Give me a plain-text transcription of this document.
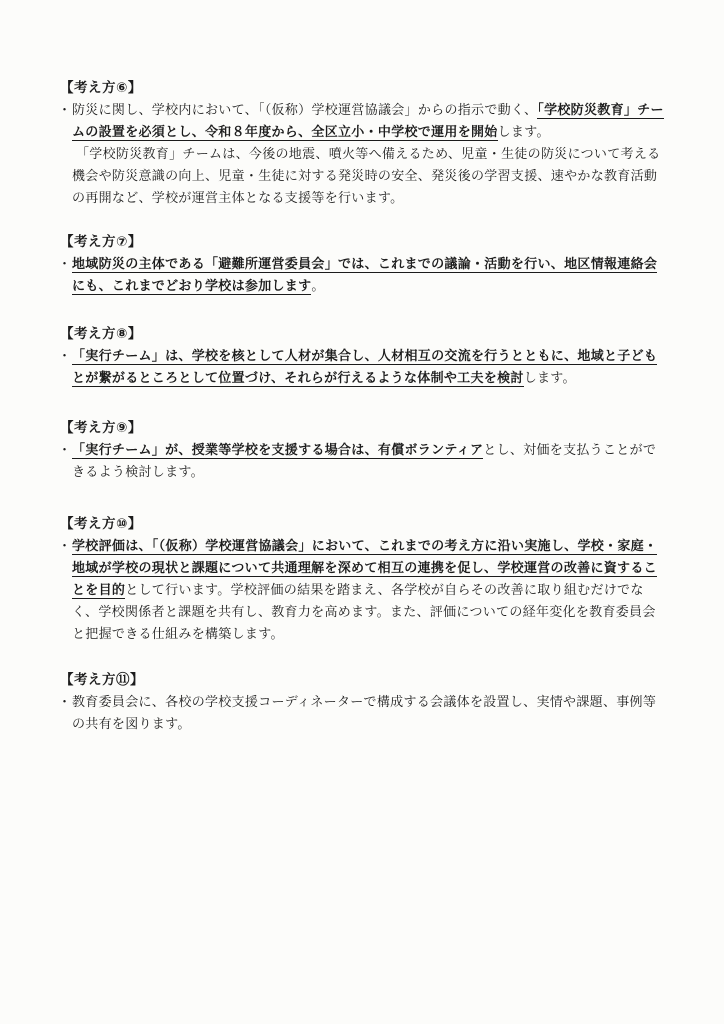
【考え方⑥】
・ 防災に関し、学校内において、「（仮称）学校運営協議会」からの指示で動く、「学校防災教育」チームの設置を必須とし、令和８年度から、全区立小・中学校で運用を開始します。

「学校防災教育」チームは、今後の地震、噴火等へ備えるため、児童・生徒の防災について考える機会や防災意識の向上、児童・生徒に対する発災時の安全、発災後の学習支援、速やかな教育活動の再開など、学校が運営主体となる支援等を行います。

【考え方⑦】
・ 地域防災の主体である「避難所運営委員会」では、これまでの議論・活動を行い、地区情報連絡会にも、これまでどおり学校は参加します。

【考え方⑧】
・ 「実行チーム」は、学校を核として人材が集合し、人材相互の交流を行うとともに、地域と子どもとが繋がるところとして位置づけ、それらが行えるような体制や工夫を検討します。

【考え方⑨】
・ 「実行チーム」が、授業等学校を支援する場合は、有償ボランティアとし、対価を支払うことができるよう検討します。

【考え方⑩】
・ 学校評価は、「（仮称）学校運営協議会」において、これまでの考え方に沿い実施し、学校・家庭・地域が学校の現状と課題について共通理解を深めて相互の連携を促し、学校運営の改善に資することを目的として行います。学校評価の結果を踏まえ、各学校が自らその改善に取り組むだけでなく、学校関係者と課題を共有し、教育力を高めます。また、評価についての経年変化を教育委員会と把握できる仕組みを構築します。

【考え方⑪】
・ 教育委員会に、各校の学校支援コーディネーターで構成する会議体を設置し、実情や課題、事例等の共有を図ります。
